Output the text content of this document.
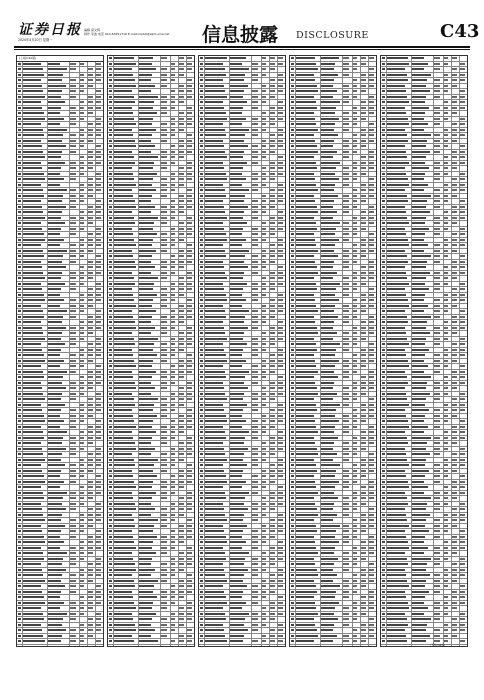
证券日报
2020年4月20日 星期一
编辑 高文辉
制作 李波 电话 010-83251716 E-mail:zqrb9@zqrb.sina.net 信息披露 DISCLOSURE	C43
(上接C42版)
(下转C44版)
